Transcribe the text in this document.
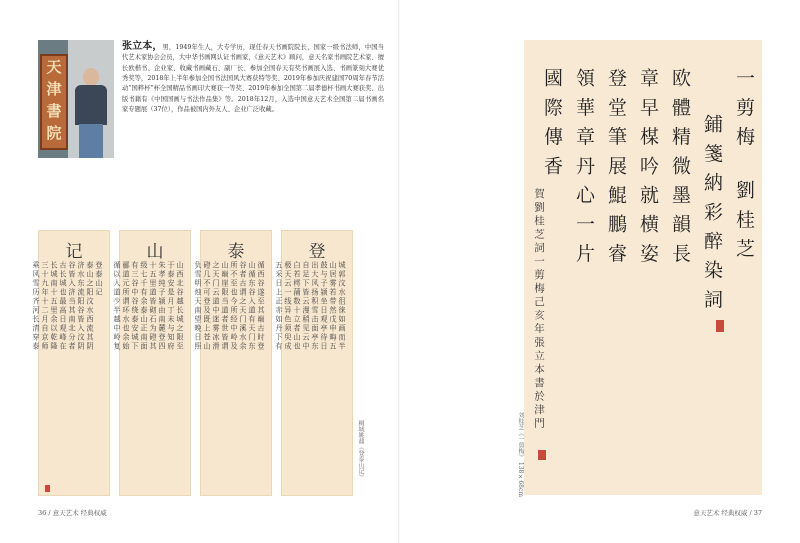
天
津
書
院
张立本，男，1949年生人，大专学历，现任春天书画院院长，国家一级书法师，中国当代艺术家协会会员，大中华书画网认证书画家，《意天艺术》顾问，意天名家书画院艺术家、擅长欧楷书、企业家、收藏书画藏石、副厂长、参加全国春天有奖书画展入选、书画篆刻大赛优秀奖等，2018年上半年参加全国书法国风大赛获特等奖、2019年参加庆祝建国70周年春节活动“国粹杯”杯全国精品书画印大赛获一等奖、2019年参加全国第二届孝德杯书画大赛获奖、出版书籍有《中国国画与书法作品集》等。2018年12月，入选中国意天艺术全国第二届书画名家专题展（37位），作品被国内外友人、企业广泛收藏。
记
登泰山记
泰山之阳汶水西流其阴
济水东流阳谷皆入汶阴
谷皆入济当其南北分者
古长城也最高日观峰在
长城南十五里余以乾隆
三十九年十二月自京师
乘风雪历齐河长清穿泰
山
山西北谷越长城之限至
于泰安是月丁未与知府
朱孝纯子颍由南麓登四
十五里道皆砌石为磴其
级七千有余泰山正南面
有三谷中谷绕泰安城下
郦道元所谓环水也余始
循以入道少半越中岭复
泰
循西谷遂至其巅古时登
山循东谷入道有天门东
谷者古谓之天门溪水余
所不至也今所经中岭及
山巅崖限当道者世皆谓
之天门云道中迷雾冰滑
磴几不可登及既上苍山
负雪明烛天南望晚日照
登
城郭汶水徂徕如画而半
山居雾若带然戊申晦五
鼓与子颍坐日观亭待日
出大风扬积雪击面亭东
自足下皆云漫稍见云中
白若樗蒱数十立者山也
极天云一线异色须臾成
五采日上正赤如丹下有
桐城姚鼐《登泰山记》
36 / 意天艺术 经典权威
一剪梅
鋪箋納彩醉染詞
欧體精微墨韻長
章早楳吟就横姿
登堂筆展鯤鵬睿
領華章丹心一片
國際傳香
劉桂芝
賀劉桂芝詞一剪梅己亥年張立本書於津門
刘桂芝《一剪梅》 138×68cm
意天艺术 经典权威 / 37
